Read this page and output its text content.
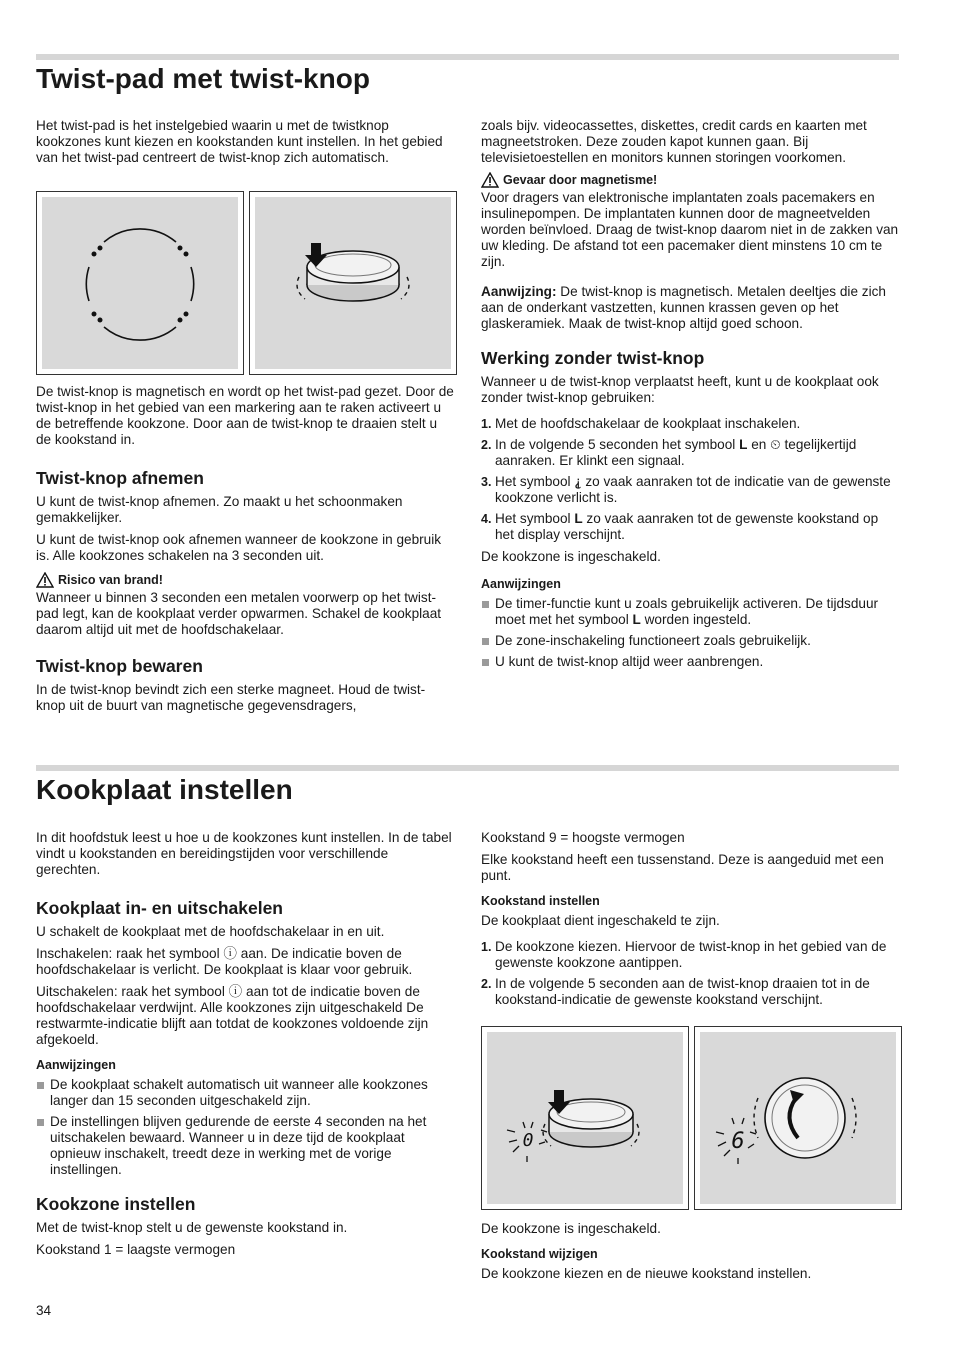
Twist-pad met twist-knop

Het twist-pad is het instelgebied waarin u met de twistknop kookzones kunt kiezen en kookstanden kunt instellen. In het gebied van het twist-pad centreert de twist-knop zich automatisch.

De twist-knop is magnetisch en wordt op het twist-pad gezet. Door de twist-knop in het gebied van een markering aan te raken activeert u de betreffende kookzone. Door aan de twist-knop te draaien stelt u de kookstand in.

Twist-knop afnemen

U kunt de twist-knop afnemen. Zo maakt u het schoonmaken gemakkelijker.

U kunt de twist-knop ook afnemen wanneer de kookzone in gebruik is. Alle kookzones schakelen na 3 seconden uit.

Risico van brand!

Wanneer u binnen 3 seconden een metalen voorwerp op het twist-pad legt, kan de kookplaat verder opwarmen. Schakel de kookplaat daarom altijd uit met de hoofdschakelaar.

Twist-knop bewaren

In de twist-knop bevindt zich een sterke magneet. Houd de twist-knop uit de buurt van magnetische gegevensdragers,

zoals bijv. videocassettes, diskettes, credit cards en kaarten met magneetstroken. Deze zouden kapot kunnen gaan. Bij televisietoestellen en monitors kunnen storingen voorkomen.

Gevaar door magnetisme!

Voor dragers van elektronische implantaten zoals pacemakers en insulinepompen. De implantaten kunnen door de magneetvelden worden beïnvloed. Draag de twist-knop daarom niet in de zakken van uw kleding. De afstand tot een pacemaker dient minstens 10 cm te zijn.

Aanwijzing: De twist-knop is magnetisch. Metalen deeltjes die zich aan de onderkant vastzetten, kunnen krassen geven op het glaskeramiek. Maak de twist-knop altijd goed schoon.

Werking zonder twist-knop

Wanneer u de twist-knop verplaatst heeft, kunt u de kookplaat ook zonder twist-knop gebruiken:

1. Met de hoofdschakelaar de kookplaat inschakelen.
2. In de volgende 5 seconden het symbool L en ⏲ tegelijkertijd aanraken. Er klinkt een signaal.
3. Het symbool ⸘ zo vaak aanraken tot de indicatie van de gewenste kookzone verlicht is.
4. Het symbool L zo vaak aanraken tot de gewenste kookstand op het display verschijnt.

De kookzone is ingeschakeld.

Aanwijzingen
De timer-functie kunt u zoals gebruikelijk activeren. De tijdsduur moet met het symbool L worden ingesteld.
De zone-inschakeling functioneert zoals gebruikelijk.
U kunt de twist-knop altijd weer aanbrengen.
Kookplaat instellen

In dit hoofdstuk leest u hoe u de kookzones kunt instellen. In de tabel vindt u kookstanden en bereidingstijden voor verschillende gerechten.

Kookplaat in- en uitschakelen

U schakelt de kookplaat met de hoofdschakelaar in en uit.

Inschakelen: raak het symbool ⓘ aan. De indicatie boven de hoofdschakelaar is verlicht. De kookplaat is klaar voor gebruik.

Uitschakelen: raak het symbool ⓘ aan tot de indicatie boven de hoofdschakelaar verdwijnt. Alle kookzones zijn uitgeschakeld De restwarmte-indicatie blijft aan totdat de kookzones voldoende zijn afgekoeld.

Aanwijzingen
De kookplaat schakelt automatisch uit wanneer alle kookzones langer dan 15 seconden uitgeschakeld zijn.
De instellingen blijven gedurende de eerste 4 seconden na het uitschakelen bewaard. Wanneer u in deze tijd de kookplaat opnieuw inschakelt, treedt deze in werking met de vorige instellingen.
Kookzone instellen

Met de twist-knop stelt u de gewenste kookstand in.

Kookstand 1 = laagste vermogen

Kookstand 9 = hoogste vermogen

Elke kookstand heeft een tussenstand. Deze is aangeduid met een punt.

Kookstand instellen

De kookplaat dient ingeschakeld te zijn.

1. De kookzone kiezen. Hiervoor de twist-knop in het gebied van de gewenste kookzone aantippen.
2. In de volgende 5 seconden aan de twist-knop draaien tot in de kookstand-indicatie de gewenste kookstand verschijnt.
0	6

De kookzone is ingeschakeld.

Kookstand wijzigen

De kookzone kiezen en de nieuwe kookstand instellen.

34
